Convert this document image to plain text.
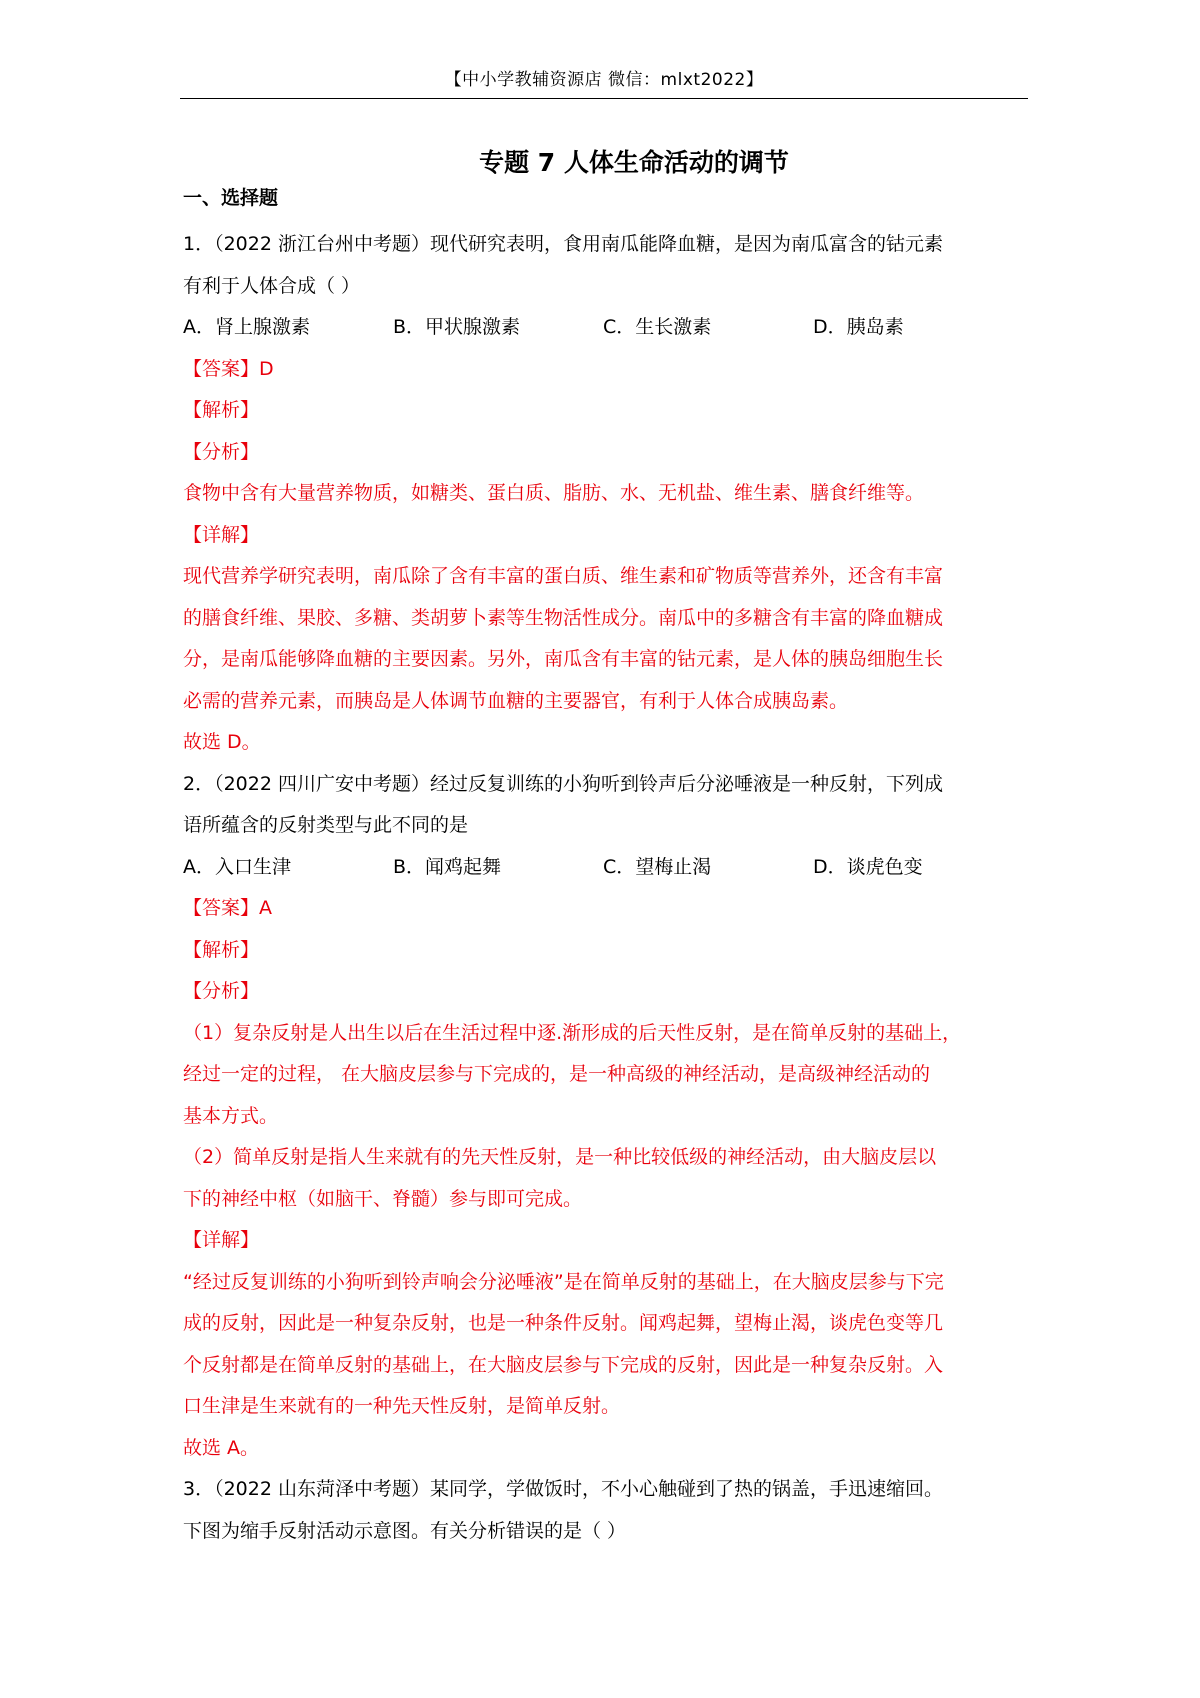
【中小学教辅资源店 微信：mlxt2022】
专题 7 人体生命活动的调节
一、选择题
1．（2022 浙江台州中考题）现代研究表明，食用南瓜能降血糖，是因为南瓜富含的钴元素
有利于人体合成（ ）
A．肾上腺激素	B．甲状腺激素	C．生长激素	D．胰岛素
【答案】D
【解析】
【分析】
食物中含有大量营养物质，如糖类、蛋白质、脂肪、水、无机盐、维生素、膳食纤维等。
【详解】
现代营养学研究表明，南瓜除了含有丰富的蛋白质、维生素和矿物质等营养外，还含有丰富
的膳食纤维、果胶、多糖、类胡萝卜素等生物活性成分。南瓜中的多糖含有丰富的降血糖成
分，是南瓜能够降血糖的主要因素。另外，南瓜含有丰富的钴元素，是人体的胰岛细胞生长
必需的营养元素，而胰岛是人体调节血糖的主要器官，有利于人体合成胰岛素。
故选 D。
2．（2022 四川广安中考题）经过反复训练的小狗听到铃声后分泌唾液是一种反射，下列成
语所蕴含的反射类型与此不同的是
A．入口生津	B．闻鸡起舞	C．望梅止渴	D．谈虎色变
【答案】A
【解析】
【分析】
（1）复杂反射是人出生以后在生活过程中逐.渐形成的后天性反射，是在简单反射的基础上，
经过一定的过程， 在大脑皮层参与下完成的，是一种高级的神经活动，是高级神经活动的
基本方式。
（2）简单反射是指人生来就有的先天性反射，是一种比较低级的神经活动，由大脑皮层以
下的神经中枢（如脑干、脊髓）参与即可完成。
【详解】
“经过反复训练的小狗听到铃声响会分泌唾液”是在简单反射的基础上，在大脑皮层参与下完
成的反射，因此是一种复杂反射，也是一种条件反射。闻鸡起舞，望梅止渴，谈虎色变等几
个反射都是在简单反射的基础上，在大脑皮层参与下完成的反射，因此是一种复杂反射。入
口生津是生来就有的一种先天性反射，是简单反射。
故选 A。
3．（2022 山东菏泽中考题）某同学，学做饭时，不小心触碰到了热的锅盖，手迅速缩回。
下图为缩手反射活动示意图。有关分析错误的是（ ）
